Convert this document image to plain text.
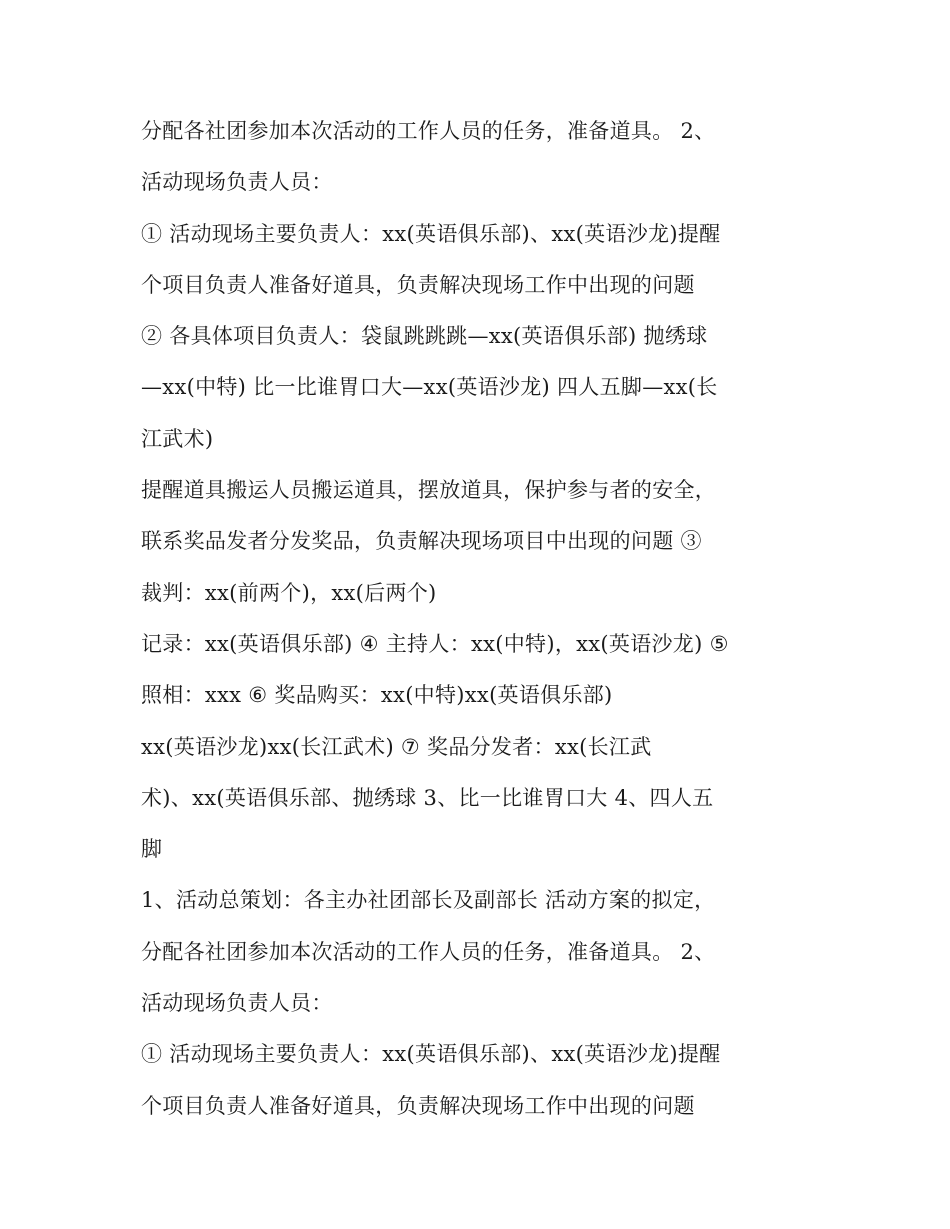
分配各社团参加本次活动的工作人员的任务，准备道具。 2、
活动现场负责人员：
① 活动现场主要负责人：xx(英语俱乐部)、xx(英语沙龙)提醒
个项目负责人准备好道具，负责解决现场工作中出现的问题
② 各具体项目负责人：袋鼠跳跳跳—xx(英语俱乐部) 抛绣球
—xx(中特) 比一比谁胃口大—xx(英语沙龙) 四人五脚—xx(长
江武术)
提醒道具搬运人员搬运道具，摆放道具，保护参与者的安全，
联系奖品发者分发奖品，负责解决现场项目中出现的问题 ③
裁判：xx(前两个)，xx(后两个)
记录：xx(英语俱乐部) ④ 主持人：xx(中特)，xx(英语沙龙) ⑤
照相：xxx ⑥ 奖品购买：xx(中特)xx(英语俱乐部)
xx(英语沙龙)xx(长江武术) ⑦ 奖品分发者：xx(长江武
术)、xx(英语俱乐部、抛绣球 3、比一比谁胃口大 4、四人五
脚
1、活动总策划：各主办社团部长及副部长 活动方案的拟定，
分配各社团参加本次活动的工作人员的任务，准备道具。 2、
活动现场负责人员：
① 活动现场主要负责人：xx(英语俱乐部)、xx(英语沙龙)提醒
个项目负责人准备好道具，负责解决现场工作中出现的问题
